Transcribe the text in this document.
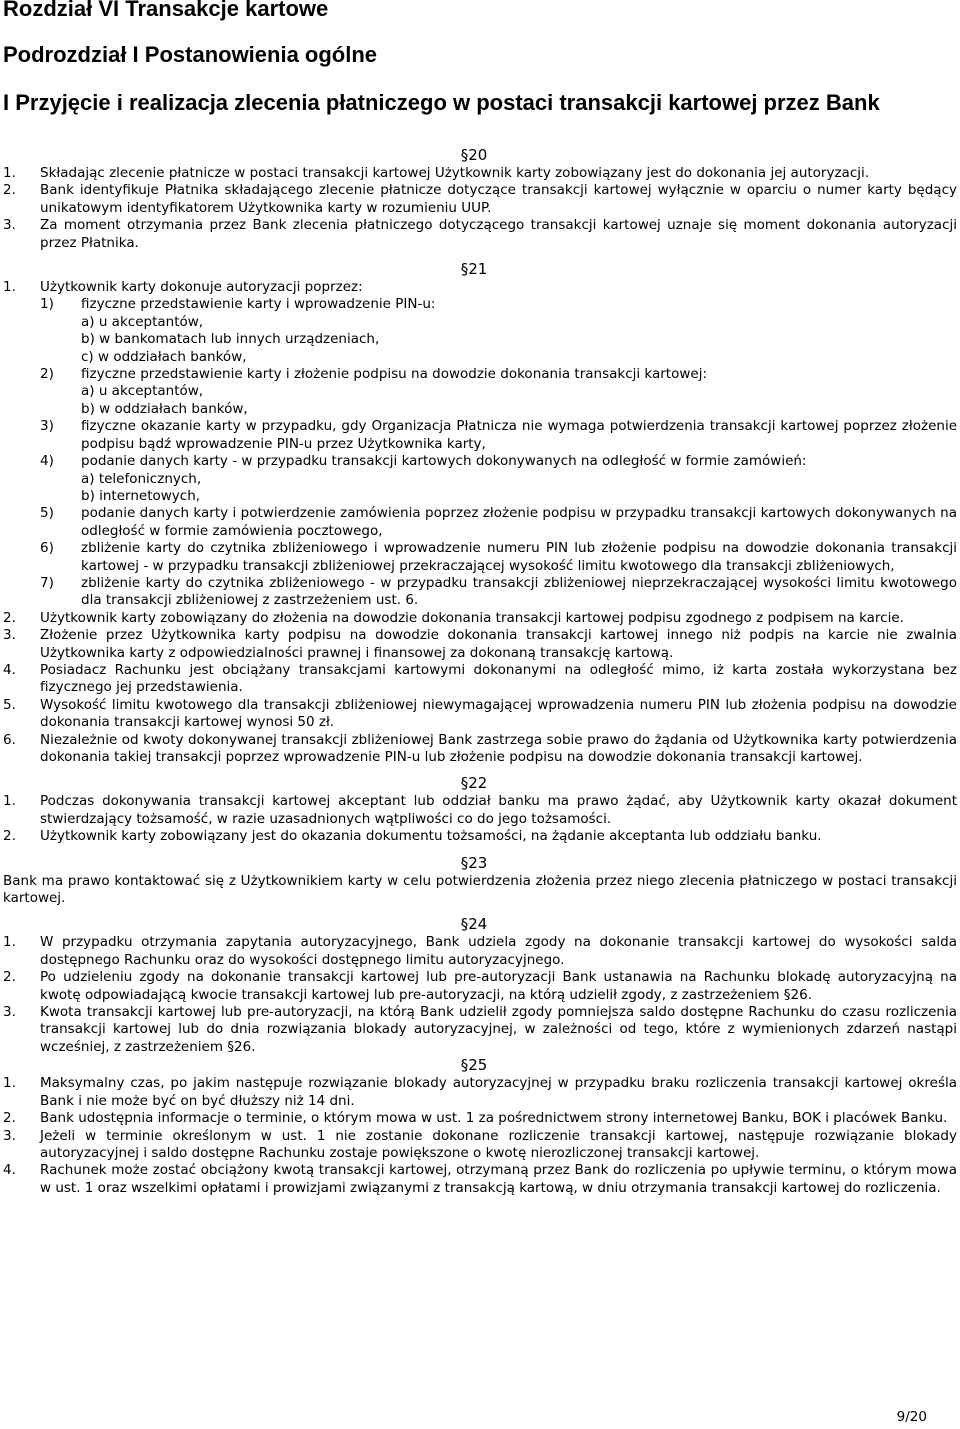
Rozdział VI Transakcje kartowe
Podrozdział I Postanowienia ogólne
I Przyjęcie i realizacja zlecenia płatniczego w postaci transakcji kartowej przez Bank
§20
1.	Składając zlecenie płatnicze w postaci transakcji kartowej Użytkownik karty zobowiązany jest do dokonania jej autoryzacji.
2.	Bank identyfikuje Płatnika składającego zlecenie płatnicze dotyczące transakcji kartowej wyłącznie w oparciu o numer karty będący unikatowym identyfikatorem Użytkownika karty w rozumieniu UUP.
3.	Za moment otrzymania przez Bank zlecenia płatniczego dotyczącego transakcji kartowej uznaje się moment dokonania autoryzacji przez Płatnika.
§21
1.	Użytkownik karty dokonuje autoryzacji poprzez:
1)	fizyczne przedstawienie karty i wprowadzenie PIN-u:
a) u akceptantów,
b) w bankomatach lub innych urządzeniach,
c) w oddziałach banków,
2)	fizyczne przedstawienie karty i złożenie podpisu na dowodzie dokonania transakcji kartowej:
a) u akceptantów,
b) w oddziałach banków,
3)	fizyczne okazanie karty w przypadku, gdy Organizacja Płatnicza nie wymaga potwierdzenia transakcji kartowej poprzez złożenie podpisu bądź wprowadzenie PIN-u przez Użytkownika karty,
4)	podanie danych karty - w przypadku transakcji kartowych dokonywanych na odległość w formie zamówień:
a) telefonicznych,
b) internetowych,
5)	podanie danych karty i potwierdzenie zamówienia poprzez złożenie podpisu w przypadku transakcji kartowych dokonywanych na odległość w formie zamówienia pocztowego,
6)	zbliżenie karty do czytnika zbliżeniowego i wprowadzenie numeru PIN lub złożenie podpisu na dowodzie dokonania transakcji kartowej - w przypadku transakcji zbliżeniowej przekraczającej wysokość limitu kwotowego dla transakcji zbliżeniowych,
7)	zbliżenie karty do czytnika zbliżeniowego - w przypadku transakcji zbliżeniowej nieprzekraczającej wysokości limitu kwotowego dla transakcji zbliżeniowej z zastrzeżeniem ust. 6.
2.	Użytkownik karty zobowiązany do złożenia na dowodzie dokonania transakcji kartowej podpisu zgodnego z podpisem na karcie.
3.	Złożenie przez Użytkownika karty podpisu na dowodzie dokonania transakcji kartowej innego niż podpis na karcie nie zwalnia Użytkownika karty z odpowiedzialności prawnej i finansowej za dokonaną transakcję kartową.
4.	Posiadacz Rachunku jest obciążany transakcjami kartowymi dokonanymi na odległość mimo, iż karta została wykorzystana bez fizycznego jej przedstawienia.
5.	Wysokość limitu kwotowego dla transakcji zbliżeniowej niewymagającej wprowadzenia numeru PIN lub złożenia podpisu na dowodzie dokonania transakcji kartowej wynosi 50 zł.
6.	Niezależnie od kwoty dokonywanej transakcji zbliżeniowej Bank zastrzega sobie prawo do żądania od Użytkownika karty potwierdzenia dokonania takiej transakcji poprzez wprowadzenie PIN-u lub złożenie podpisu na dowodzie dokonania transakcji kartowej.
§22
1.	Podczas dokonywania transakcji kartowej akceptant lub oddział banku ma prawo żądać, aby Użytkownik karty okazał dokument stwierdzający tożsamość, w razie uzasadnionych wątpliwości co do jego tożsamości.
2.	Użytkownik karty zobowiązany jest do okazania dokumentu tożsamości, na żądanie akceptanta lub oddziału banku.
§23
Bank ma prawo kontaktować się z Użytkownikiem karty w celu potwierdzenia złożenia przez niego zlecenia płatniczego w postaci transakcji kartowej.
§24
1.	W przypadku otrzymania zapytania autoryzacyjnego, Bank udziela zgody na dokonanie transakcji kartowej do wysokości salda dostępnego Rachunku oraz do wysokości dostępnego limitu autoryzacyjnego.
2.	Po udzieleniu zgody na dokonanie transakcji kartowej lub pre-autoryzacji Bank ustanawia na Rachunku blokadę autoryzacyjną na kwotę odpowiadającą kwocie transakcji kartowej lub pre-autoryzacji, na którą udzielił zgody, z zastrzeżeniem §26.
3.	Kwota transakcji kartowej lub pre-autoryzacji, na którą Bank udzielił zgody pomniejsza saldo dostępne Rachunku do czasu rozliczenia transakcji kartowej lub do dnia rozwiązania blokady autoryzacyjnej, w zależności od tego, które z wymienionych zdarzeń nastąpi wcześniej, z zastrzeżeniem §26.
§25
1.	Maksymalny czas, po jakim następuje rozwiązanie blokady autoryzacyjnej w przypadku braku rozliczenia transakcji kartowej określa Bank i nie może być on być dłuższy niż 14 dni.
2.	Bank udostępnia informacje o terminie, o którym mowa w ust. 1 za pośrednictwem strony internetowej Banku, BOK i placówek Banku.
3.	Jeżeli w terminie określonym w ust. 1 nie zostanie dokonane rozliczenie transakcji kartowej, następuje rozwiązanie blokady autoryzacyjnej i saldo dostępne Rachunku zostaje powiększone o kwotę nierozliczonej transakcji kartowej.
4.	Rachunek może zostać obciążony kwotą transakcji kartowej, otrzymaną przez Bank do rozliczenia po upływie terminu, o którym mowa w ust. 1 oraz wszelkimi opłatami i prowizjami związanymi z transakcją kartową, w dniu otrzymania transakcji kartowej do rozliczenia.
9/20
